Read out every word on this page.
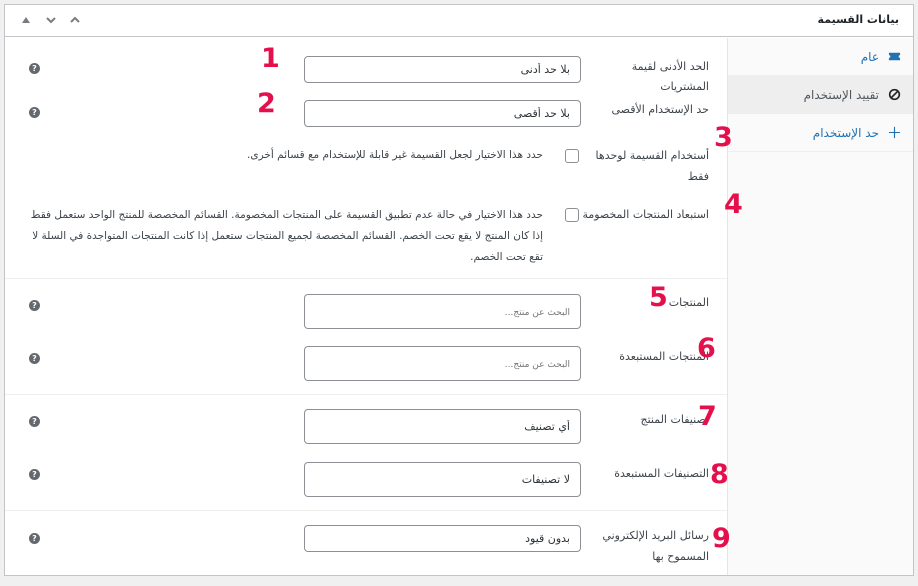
بيانات القسيمة
عام
تقييد الإستخدام
حد الإستخدام
?
بلا حد أدنى	الحد الأدنى لقيمة المشتريات
?
بلا حد أقصى	حد الإستخدام الأقصى
حدد هذا الاختيار لجعل القسيمة غير قابلة للإستخدام مع قسائم أخرى.	أستخدام القسيمة لوحدها فقط
حدد هذا الاختيار في حالة عدم تطبيق القسيمة على المنتجات المخصومة. القسائم المخصصة للمنتج الواحد ستعمل فقط إذا كان المنتج لا يقع تحت الخصم. القسائم المخصصة لجميع المنتجات ستعمل إذا كانت المنتجات المتواجدة في السلة لا تقع تحت الخصم.
استبعاد المنتجات المخصومة
?
البحث عن منتج...	المنتجات
?
البحث عن منتج...	المنتجات المستبعدة
?
أي تصنيف	تصنيفات المنتج
?
لا تصنيفات	التصنيفات المستبعدة
?
بدون قيود	رسائل البريد الإلكتروني المسموح بها
1
2
3
4
5
6
7
8
9
